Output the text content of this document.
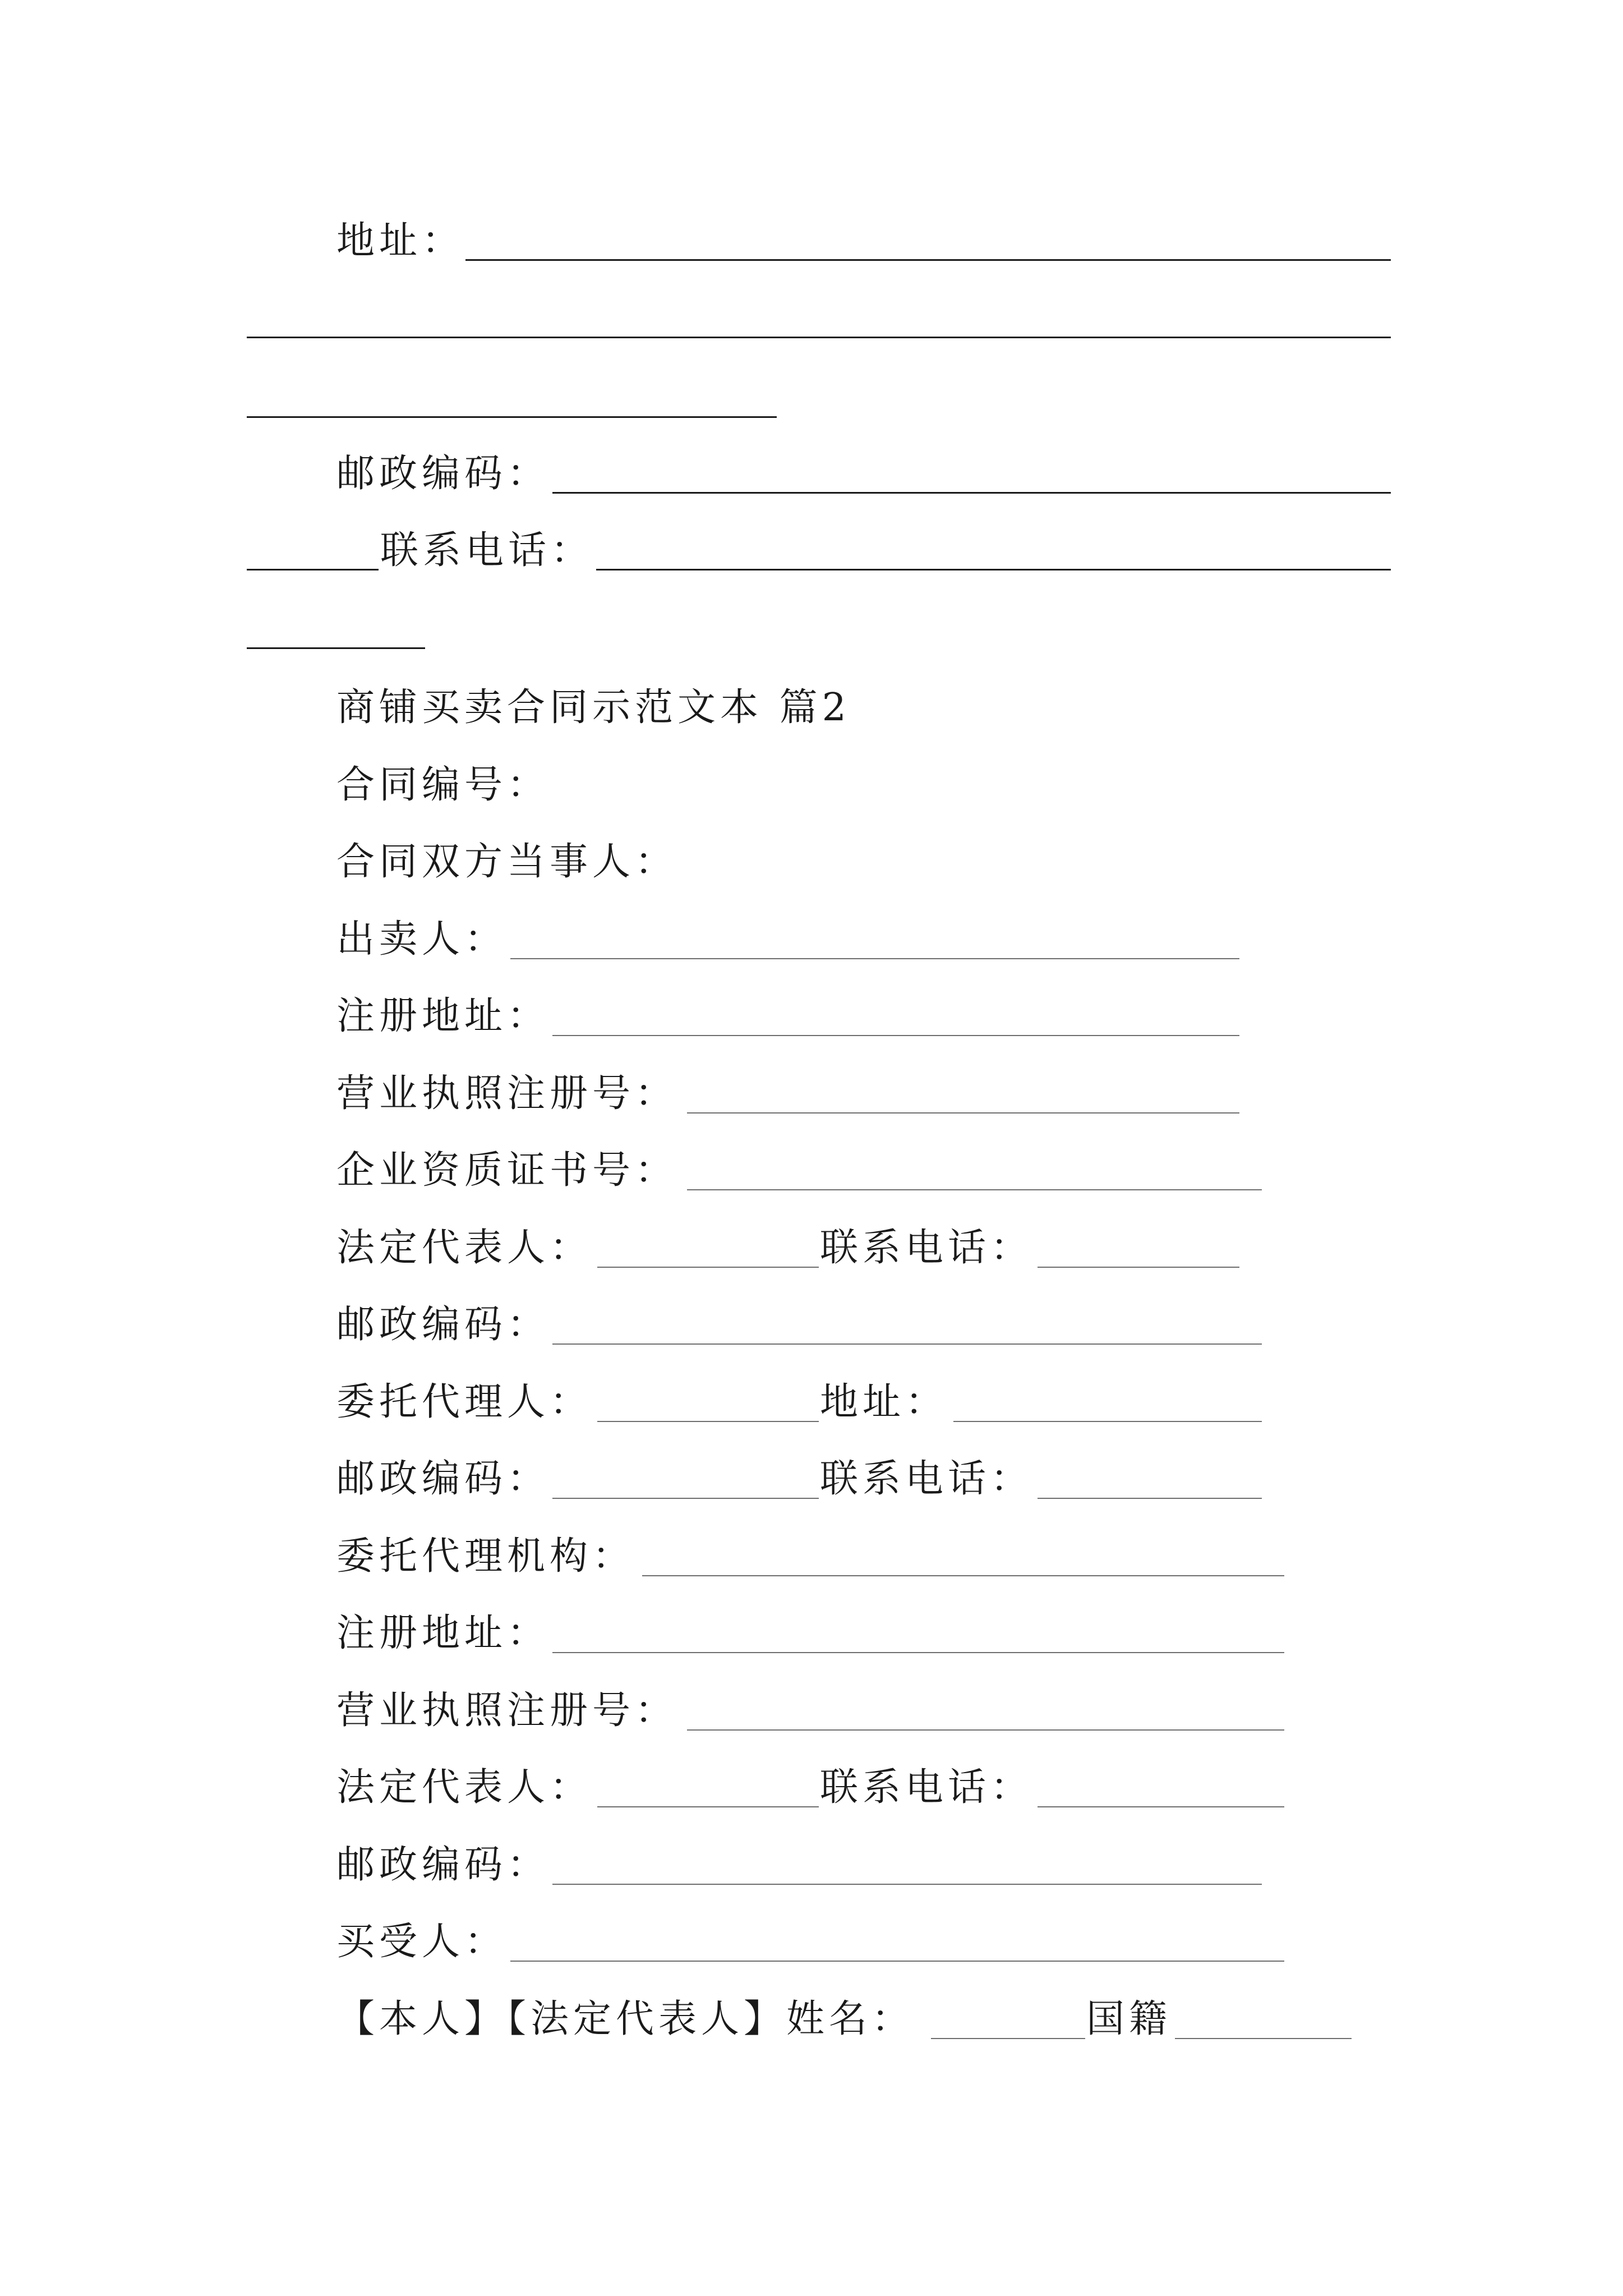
地址：
邮政编码：
联系电话：
商铺买卖合同示范文本 篇2
合同编号：
合同双方当事人：
出卖人：
注册地址：
营业执照注册号：
企业资质证书号：
法定代表人：	联系电话：
邮政编码：
委托代理人：	地址：
邮政编码：	联系电话：
委托代理机构：
注册地址：
营业执照注册号：
法定代表人：	联系电话：
邮政编码：
买受人：
【本人】【法定代表人】姓名：	国籍
